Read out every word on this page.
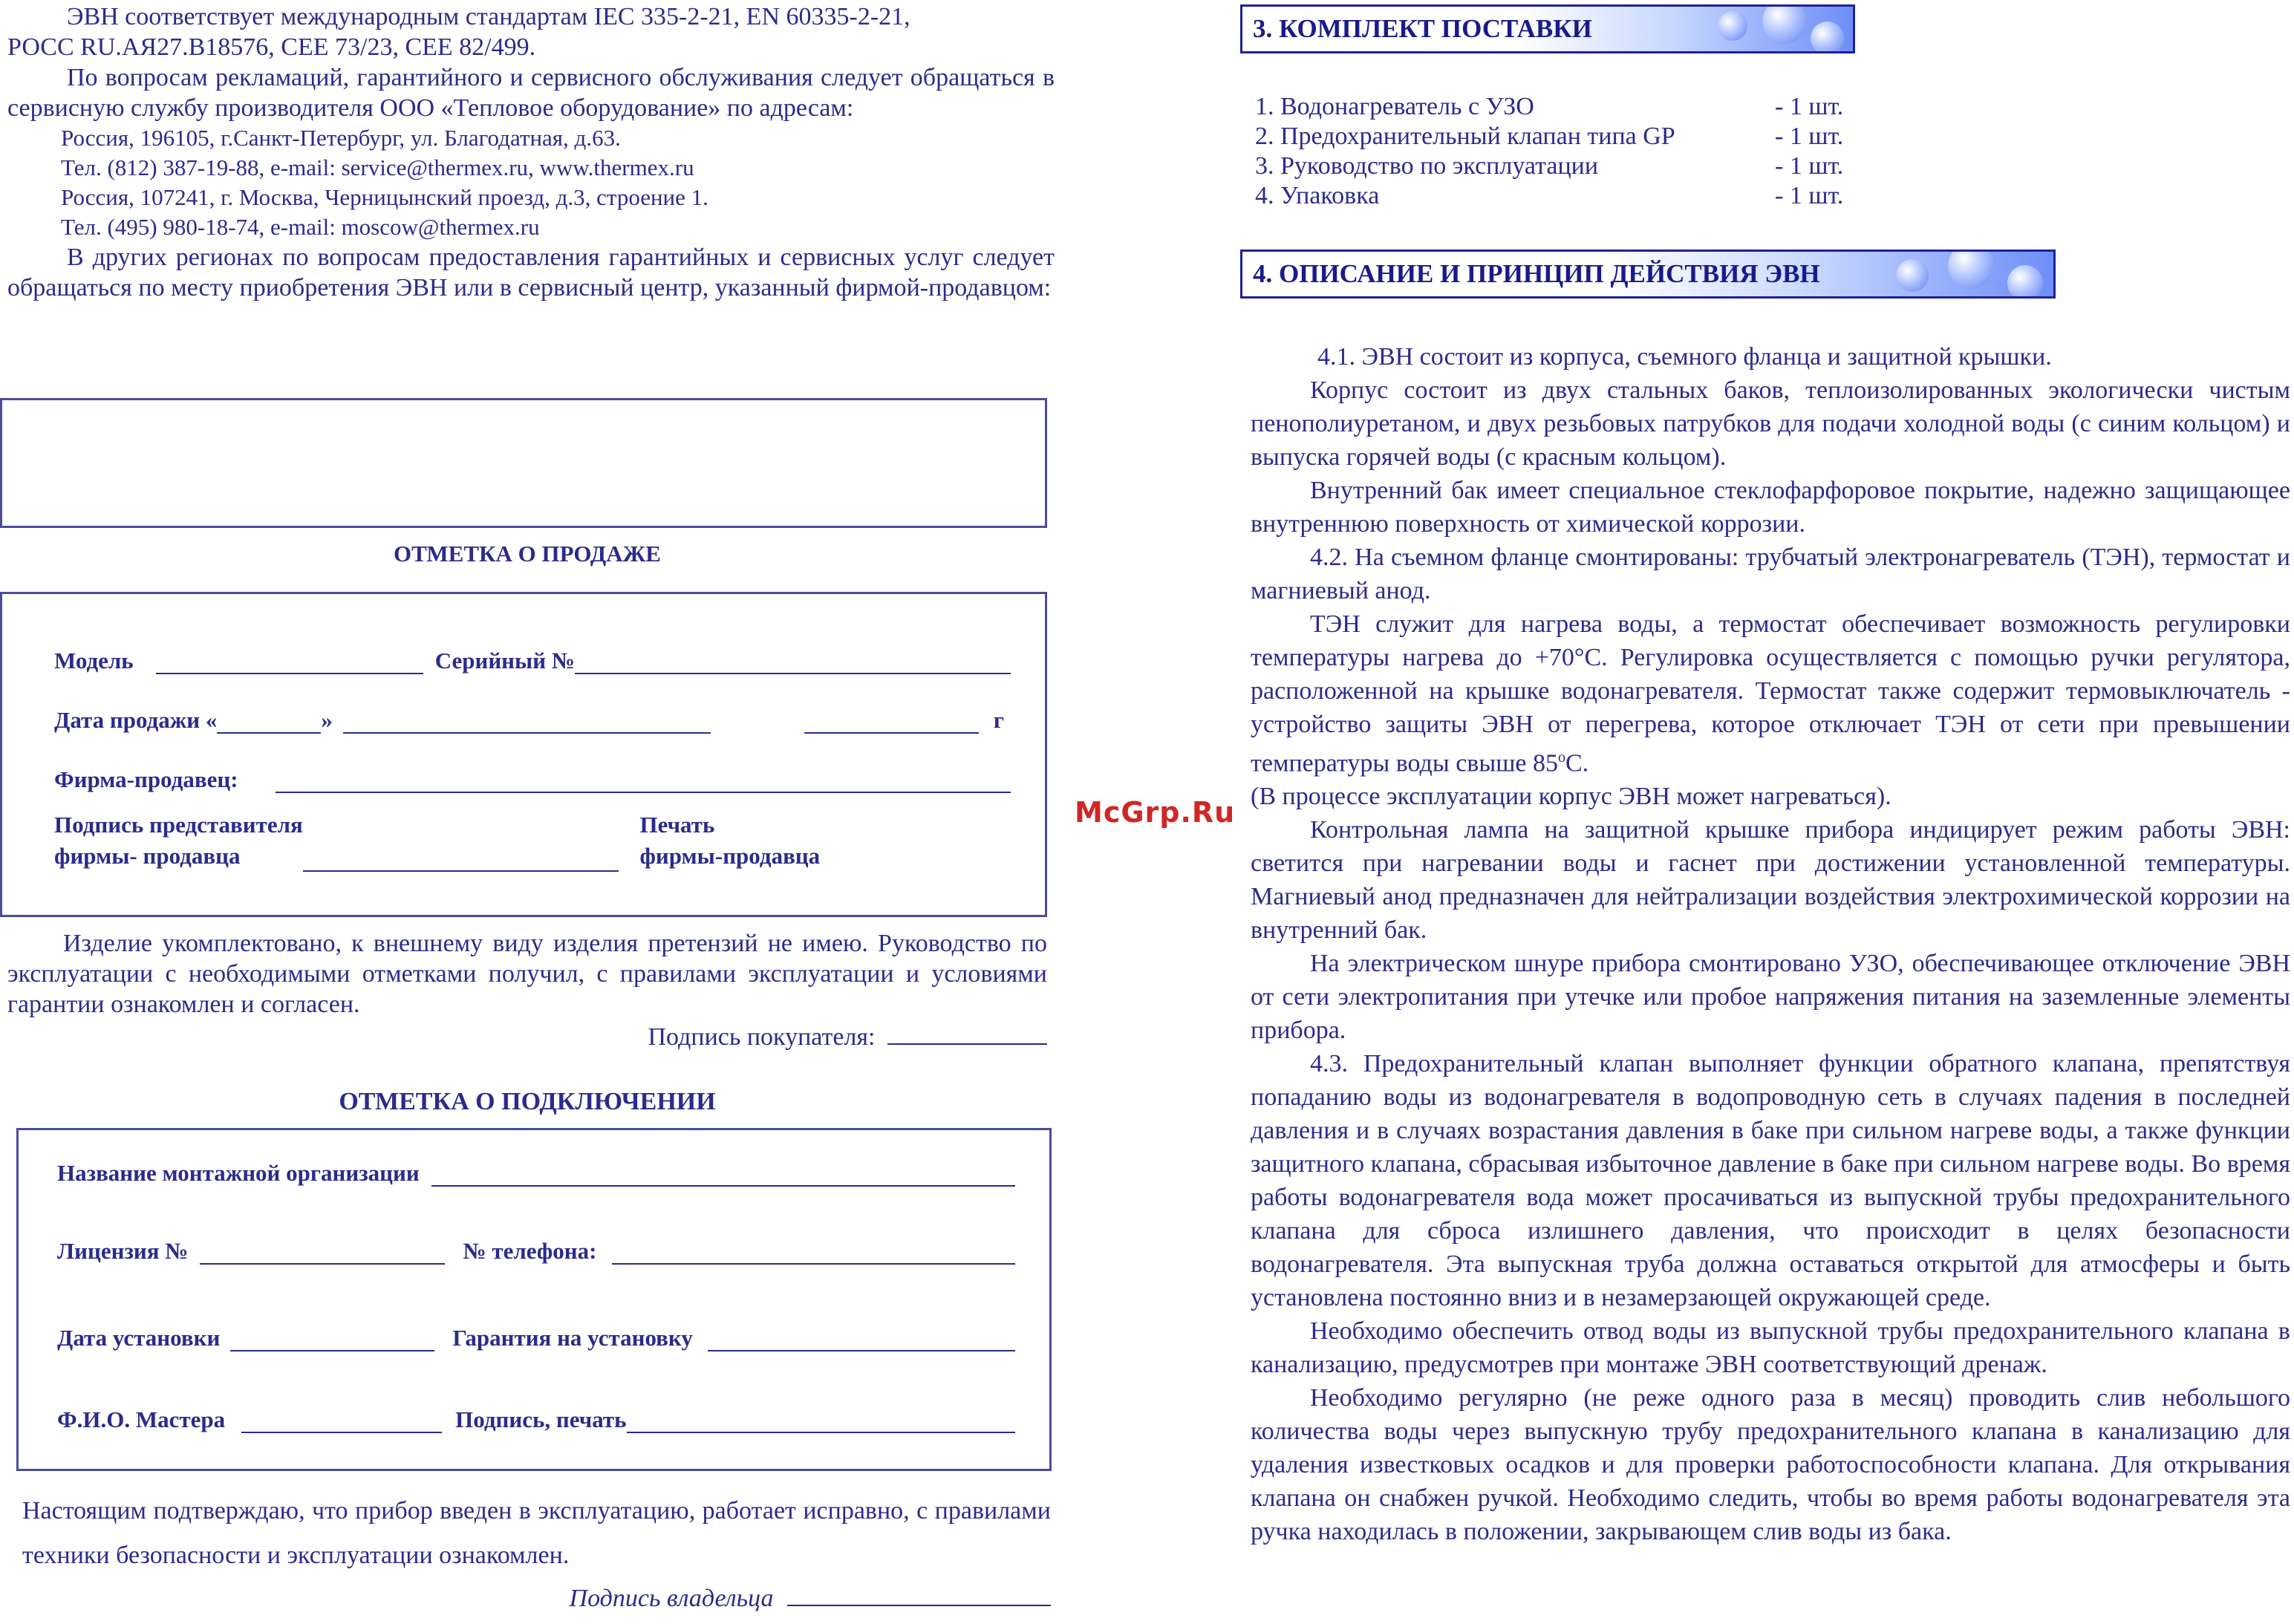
ЭВН соответствует международным стандартам IEC 335-2-21, EN 60335-2-21,

РОСС RU.АЯ27.В18576, CEE 73/23, CEE 82/499.

По вопросам рекламаций, гарантийного и сервисного обслуживания следует обращаться в сервисную службу производителя ООО «Тепловое оборудование» по адресам:

Россия, 196105, г.Санкт-Петербург, ул. Благодатная, д.63.

Тел. (812) 387-19-88, e-mail: service@thermex.ru, www.thermex.ru

Россия, 107241, г. Москва, Черницынский проезд, д.3, строение 1.

Тел. (495) 980-18-74, e-mail: moscow@thermex.ru

В других регионах по вопросам предоставления гарантийных и сервисных услуг следует обращаться по месту приобретения ЭВН или в сервисный центр, указанный фирмой-продавцом:

ОТМЕТКА О ПРОДАЖЕ
Модель	Серийный №
Дата продажи «	»	г
Фирма-продавец:
Подпись представителя
фирмы- продавца
Печать
фирмы-продавца

Изделие укомплектовано, к внешнему виду изделия претензий не имею. Руководство по эксплуатации с необходимыми отметками получил, с правилами эксплуатации и условиями гарантии ознакомлен и согласен.

Подпись покупателя:
ОТМЕТКА О ПОДКЛЮЧЕНИИ
Название монтажной организации
Лицензия №	№ телефона:
Дата установки	Гарантия на установку
Ф.И.О. Мастера	Подпись, печать

Настоящим подтверждаю, что прибор введен в эксплуатацию, работает исправно, с правилами техники безопасности и эксплуатации ознакомлен.

Подпись владельца
McGrp.Ru
3. КОМПЛЕКТ ПОСТАВКИ
1. Водонагреватель с УЗО	- 1 шт.
2. Предохранительный клапан типа GP	- 1 шт.
3. Руководство по эксплуатации	- 1 шт.
4. Упаковка	- 1 шт.
4. ОПИСАНИЕ И ПРИНЦИП ДЕЙСТВИЯ ЭВН

4.1. ЭВН состоит из корпуса, съемного фланца и защитной крышки.

Корпус состоит из двух стальных баков, теплоизолированных экологически чистым пенополиуретаном, и двух резьбовых патрубков для подачи холодной воды (с синим кольцом) и выпуска горячей воды (с красным кольцом).

Внутренний бак имеет специальное стеклофарфоровое покрытие, надежно защищающее внутреннюю поверхность от химической коррозии.

4.2. На съемном фланце смонтированы: трубчатый электронагреватель (ТЭН), термостат и магниевый анод.

ТЭН служит для нагрева воды, а термостат обеспечивает возможность регулировки температуры нагрева до +70°С. Регулировка осуществляется с помощью ручки регулятора, расположенной на крышке водонагревателя. Термостат также содержит термовыключатель - устройство защиты ЭВН от перегрева, которое отключает ТЭН от сети при превышении температуры воды свыше $85^оС$.

(В процессе эксплуатации корпус ЭВН может нагреваться).

Контрольная лампа на защитной крышке прибора индицирует режим работы ЭВН: светится при нагревании воды и гаснет при достижении установленной температуры. Магниевый анод предназначен для нейтрализации воздействия электрохимической коррозии на внутренний бак.

На электрическом шнуре прибора смонтировано УЗО, обеспечивающее отключение ЭВН от сети электропитания при утечке или пробое напряжения питания на заземленные элементы прибора.

4.3. Предохранительный клапан выполняет функции обратного клапана, препятствуя попаданию воды из водонагревателя в водопроводную сеть в случаях падения в последней давления и в случаях возрастания давления в баке при сильном нагреве воды, а также функции защитного клапана, сбрасывая избыточное давление в баке при сильном нагреве воды. Во время работы водонагревателя вода может просачиваться из выпускной трубы предохранительного клапана для сброса излишнего давления, что происходит в целях безопасности водонагревателя. Эта выпускная труба должна оставаться открытой для атмосферы и быть установлена постоянно вниз и в незамерзающей окружающей среде.

Необходимо обеспечить отвод воды из выпускной трубы предохранительного клапана в канализацию, предусмотрев при монтаже ЭВН соответствующий дренаж.

Необходимо регулярно (не реже одного раза в месяц) проводить слив небольшого количества воды через выпускную трубу предохранительного клапана в канализацию для удаления известковых осадков и для проверки работоспособности клапана. Для открывания клапана он снабжен ручкой. Необходимо следить, чтобы во время работы водонагревателя эта ручка находилась в положении, закрывающем слив воды из бака.
